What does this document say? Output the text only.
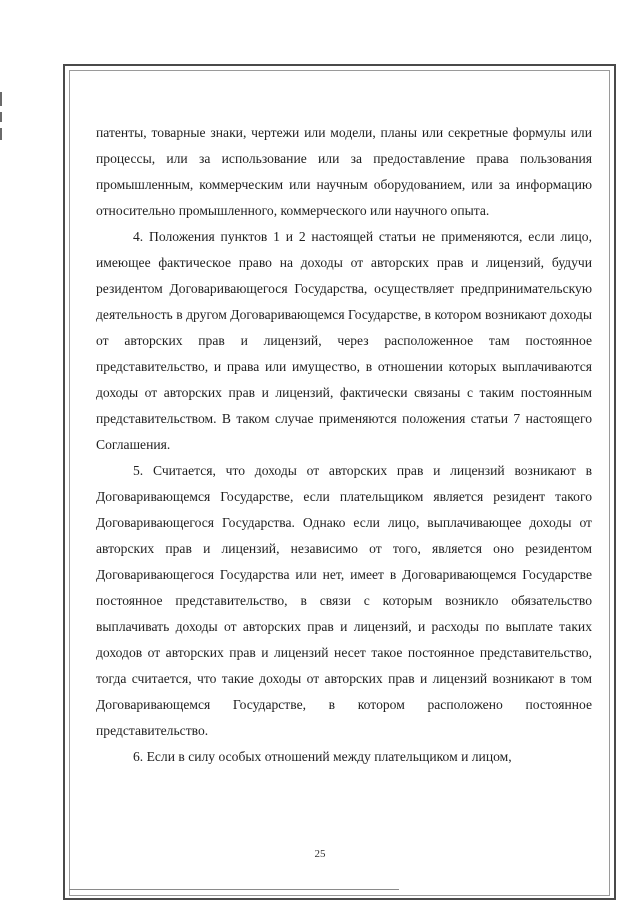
патенты, товарные знаки, чертежи или модели, планы или секретные формулы или процессы, или за использование или за предоставление права пользования промышленным, коммерческим или научным оборудованием, или за информацию относительно промышленного, коммерческого или научного опыта.

4. Положения пунктов 1 и 2 настоящей статьи не применяются, если лицо, имеющее фактическое право на доходы от авторских прав и лицензий, будучи резидентом Договаривающегося Государства, осуществляет предпринимательскую деятельность в другом Договаривающемся Государстве, в котором возникают доходы от авторских прав и лицензий, через расположенное там постоянное представительство, и права или имущество, в отношении которых выплачиваются доходы от авторских прав и лицензий, фактически связаны с таким постоянным представительством. В таком случае применяются положения статьи 7 настоящего Соглашения.

5. Считается, что доходы от авторских прав и лицензий возникают в Договаривающемся Государстве, если плательщиком является резидент такого Договаривающегося Государства. Однако если лицо, выплачивающее доходы от авторских прав и лицензий, независимо от того, является оно резидентом Договаривающегося Государства или нет, имеет в Договаривающемся Государстве постоянное представительство, в связи с которым возникло обязательство выплачивать доходы от авторских прав и лицензий, и расходы по выплате таких доходов от авторских прав и лицензий несет такое постоянное представительство, тогда считается, что такие доходы от авторских прав и лицензий возникают в том Договаривающемся Государстве, в котором расположено постоянное представительство.

6. Если в силу особых отношений между плательщиком и лицом,

25
